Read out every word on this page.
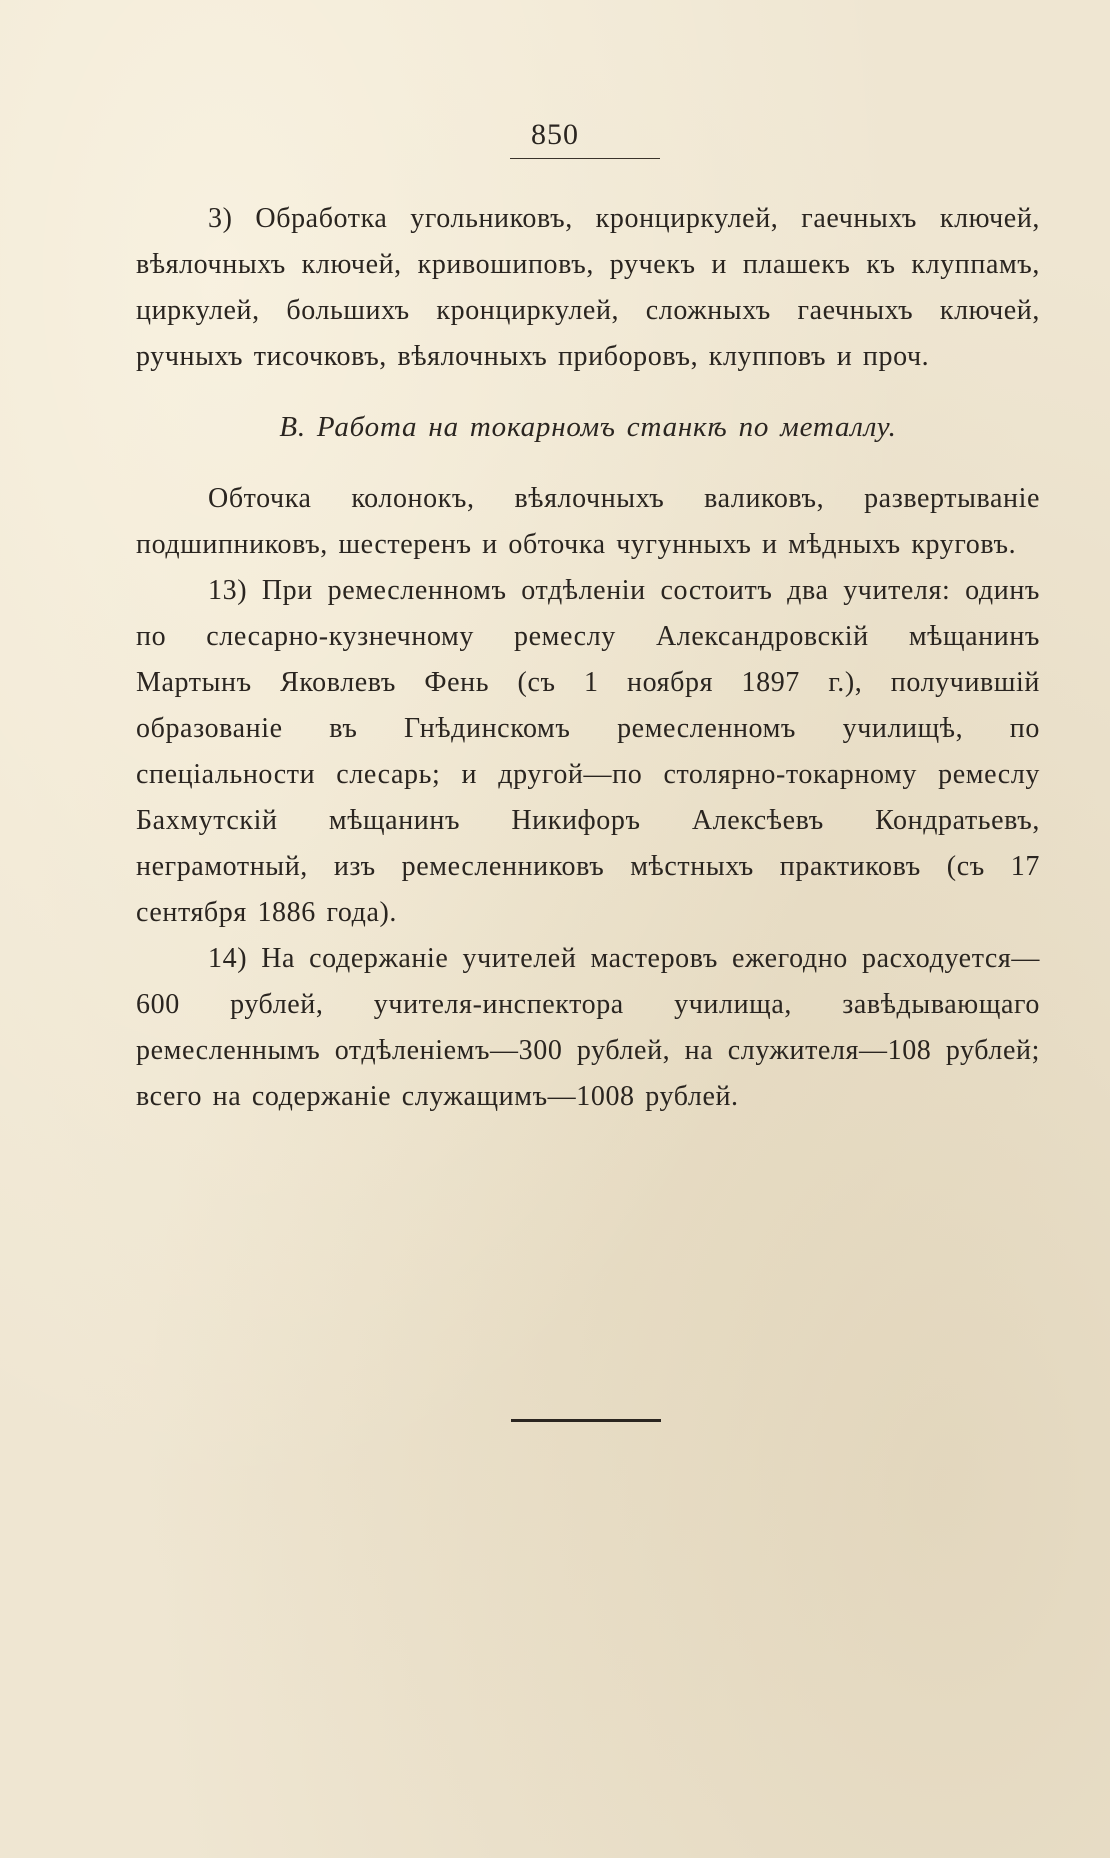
850

3) Обработка угольниковъ, кронциркулей, гаечныхъ ключей, вѣялочныхъ ключей, кривошиповъ, ручекъ и плашекъ къ клуппамъ, циркулей, большихъ кронциркулей, сложныхъ гаечныхъ ключей, ручныхъ тисочковъ, вѣялочныхъ приборовъ, клупповъ и проч.

В. Работа на токарномъ станкѣ по металлу.

Обточка колонокъ, вѣялочныхъ валиковъ, развертываніе подшипниковъ, шестеренъ и обточка чугунныхъ и мѣдныхъ круговъ.

13) При ремесленномъ отдѣленіи состоитъ два учителя: одинъ по слесарно-кузнечному ремеслу Александровскій мѣщанинъ Мартынъ Яковлевъ Фень (съ 1 ноября 1897 г.), получившій образованіе въ Гнѣдинскомъ ремесленномъ училищѣ, по спеціальности слесарь; и другой—по столярно-токарному ремеслу Бахмутскій мѣщанинъ Никифоръ Алексѣевъ Кондратьевъ, неграмотный, изъ ремесленниковъ мѣстныхъ практиковъ (съ 17 сентября 1886 года).

14) На содержаніе учителей мастеровъ ежегодно расходуется—600 рублей, учителя-инспектора училища, завѣдывающаго ремесленнымъ отдѣленіемъ—300 рублей, на служителя—108 рублей; всего на содержаніе служащимъ—1008 рублей.
